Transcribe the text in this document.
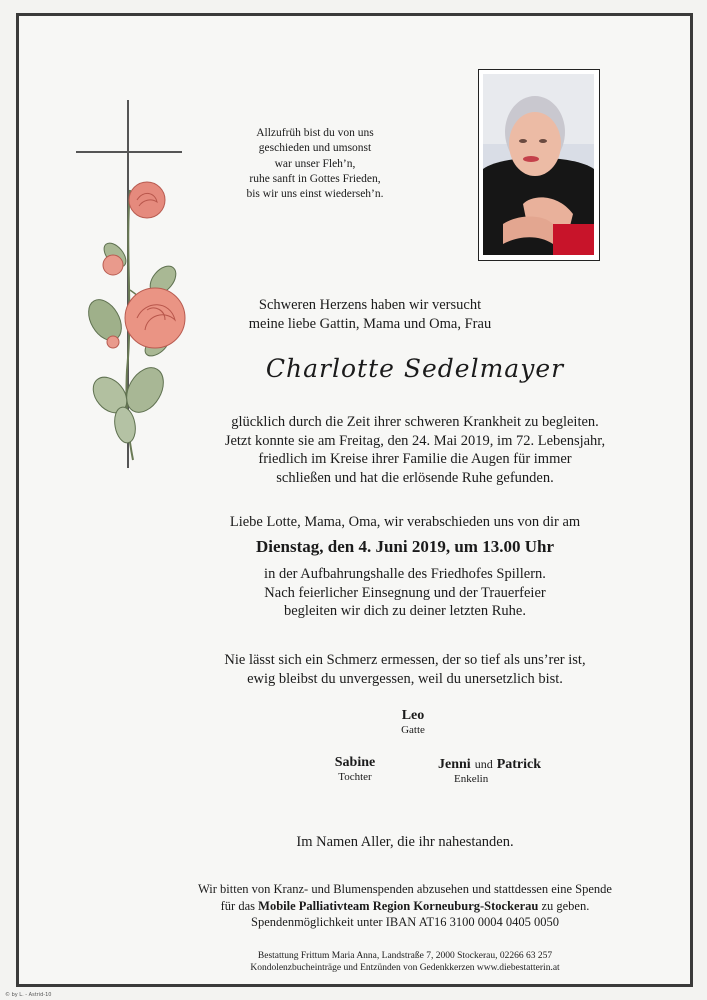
Allzufrüh bist du von uns
geschieden und umsonst
war unser Fleh’n,
ruhe sanft in Gottes Frieden,
bis wir uns einst wiederseh’n.
Schweren Herzens haben wir versucht
meine liebe Gattin, Mama und Oma, Frau
Charlotte Sedelmayer
glücklich durch die Zeit ihrer schweren Krankheit zu begleiten.
Jetzt konnte sie am Freitag, den 24. Mai 2019, im 72. Lebensjahr,
friedlich im Kreise ihrer Familie die Augen für immer
schließen und hat die erlösende Ruhe gefunden.
Liebe Lotte, Mama, Oma, wir verabschieden uns von dir am
Dienstag, den 4. Juni 2019, um 13.00 Uhr
in der Aufbahrungshalle des Friedhofes Spillern.
Nach feierlicher Einsegnung und der Trauerfeier
begleiten wir dich zu deiner letzten Ruhe.
Nie lässt sich ein Schmerz ermessen, der so tief als uns’rer ist,
ewig bleibst du unvergessen, weil du unersetzlich bist.
Leo
Gatte
Sabine
Tochter
Jenni und Patrick
Enkelin
Im Namen Aller, die ihr nahestanden.
Wir bitten von Kranz- und Blumenspenden abzusehen und stattdessen eine Spende
für das Mobile Palliativteam Region Korneuburg-Stockerau zu geben.
Spendenmöglichkeit unter IBAN AT16 3100 0004 0405 0050
Bestattung Frittum Maria Anna, Landstraße 7, 2000 Stockerau, 02266 63 257
Kondolenzbucheinträge und Entzünden von Gedenkkerzen www.diebestatterin.at
© by L. - Astrid-10
